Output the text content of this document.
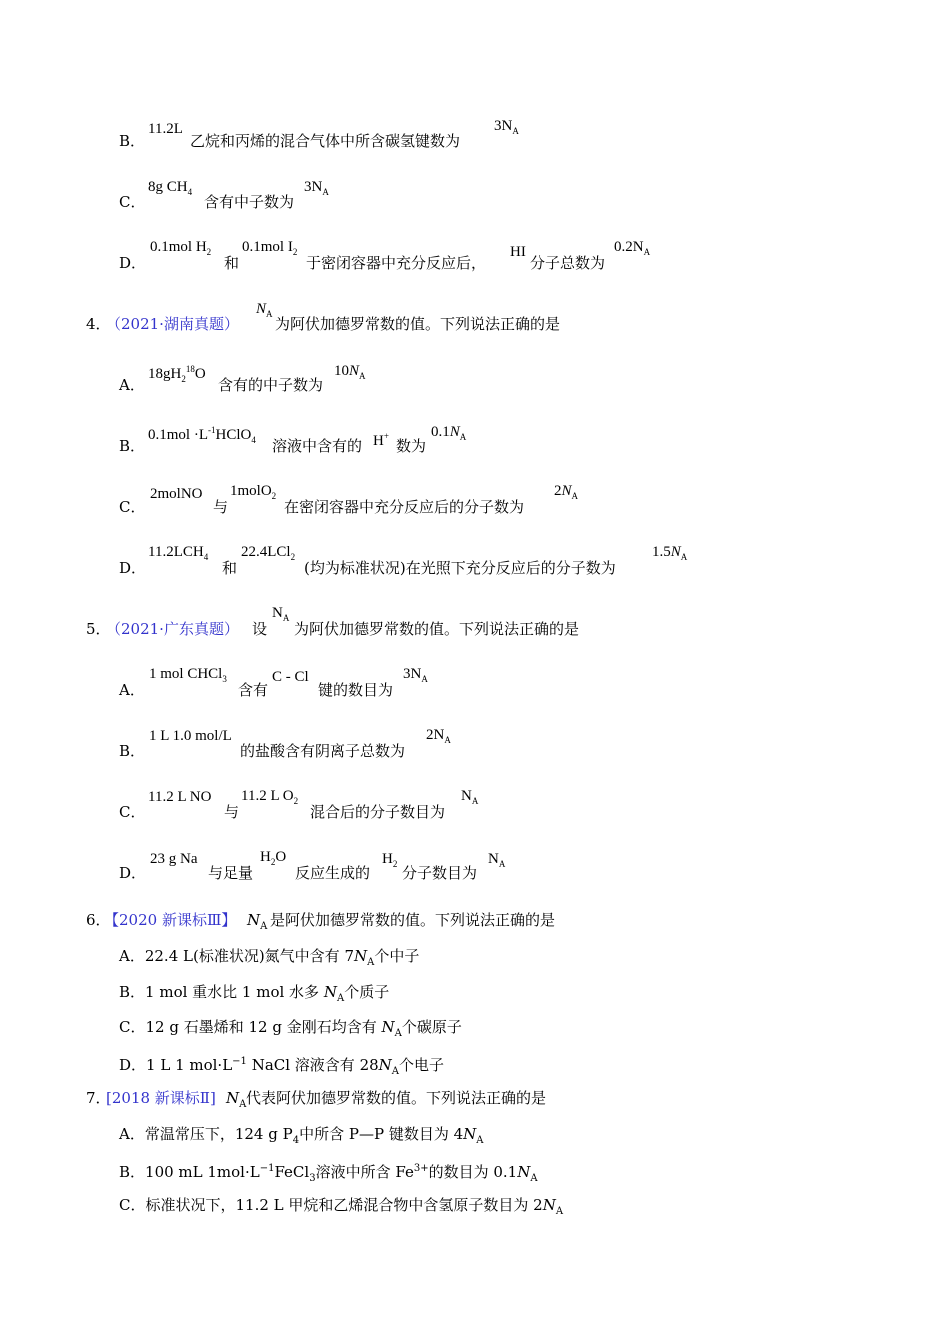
B．
11.2L
乙烷和丙烯的混合气体中所含碳氢键数为
$3N_A$
C．
8g $CH_4$
含有中子数为
$3N_A$
D．
0.1mol $H_2$
和
0.1mol $I_2$
于密闭容器中充分反应后，
HI
分子总数为
$0.2N_A$
4．
（2021·湖南真题）
$N_A$
为阿伏加德罗常数的值。下列说法正确的是
A．
$18gH_2^{18}O$
含有的中子数为
$10N_A$
B．
$0.1mol \cdot L^{-1}HClO_4$ 溶液中含有的 H+
数为
$0.1N_A$
C．
2molNO
与
1molO$_2$
在密闭容器中充分反应后的分子数为
$2N_A$
D．
$11.2LCH_4$
和
22.4LCl$_2$
(均为标准状况)在光照下充分反应后的分子数为
$1.5N_A$
5．
（2021·广东真题） 设
$N_A$
为阿伏加德罗常数的值。下列说法正确的是
A．
1 mol CHCl$_3$
含有
C - Cl
键的数目为
$3N_A$
B．
1 L 1.0 mol/L
的盐酸含有阴离子总数为
$2N_A$
C．
11.2 L NO
与
11.2 L $O_2$
混合后的分子数目为
$N_A$
D．
23 g Na
与足量
$H_2O$
反应生成的
$H_2$ 分子数目为
$N_A$
6．
【2020 新课标Ⅲ】 $N_A$ 是阿伏加德罗常数的值。下列说法正确的是
A．22.4 L(标准状况)氮气中含有 $7N_A$个中子
B．1 mol 重水比 1 mol 水多 $N_A$个质子
C．12 g 石墨烯和 12 g 金刚石均含有 $N_A$个碳原子
D．1 L 1 $mol\cdot L^{-1}$ NaCl 溶液含有 $28N_A$个电子
7．
[2018 新课标Ⅱ] $N_A$ 代表阿伏加德罗常数的值。下列说法正确的是
A．常温常压下，124 g $P_4$中所含 P—P 键数目为 $4N_A$
B．100 mL $1mol\cdot L^{-1}FeCl_3$溶液中所含 $Fe^{3+}$的数目为 $0.1N_A$
C．标准状况下，11.2 L 甲烷和乙烯混合物中含氢原子数目为 $2N_A$
